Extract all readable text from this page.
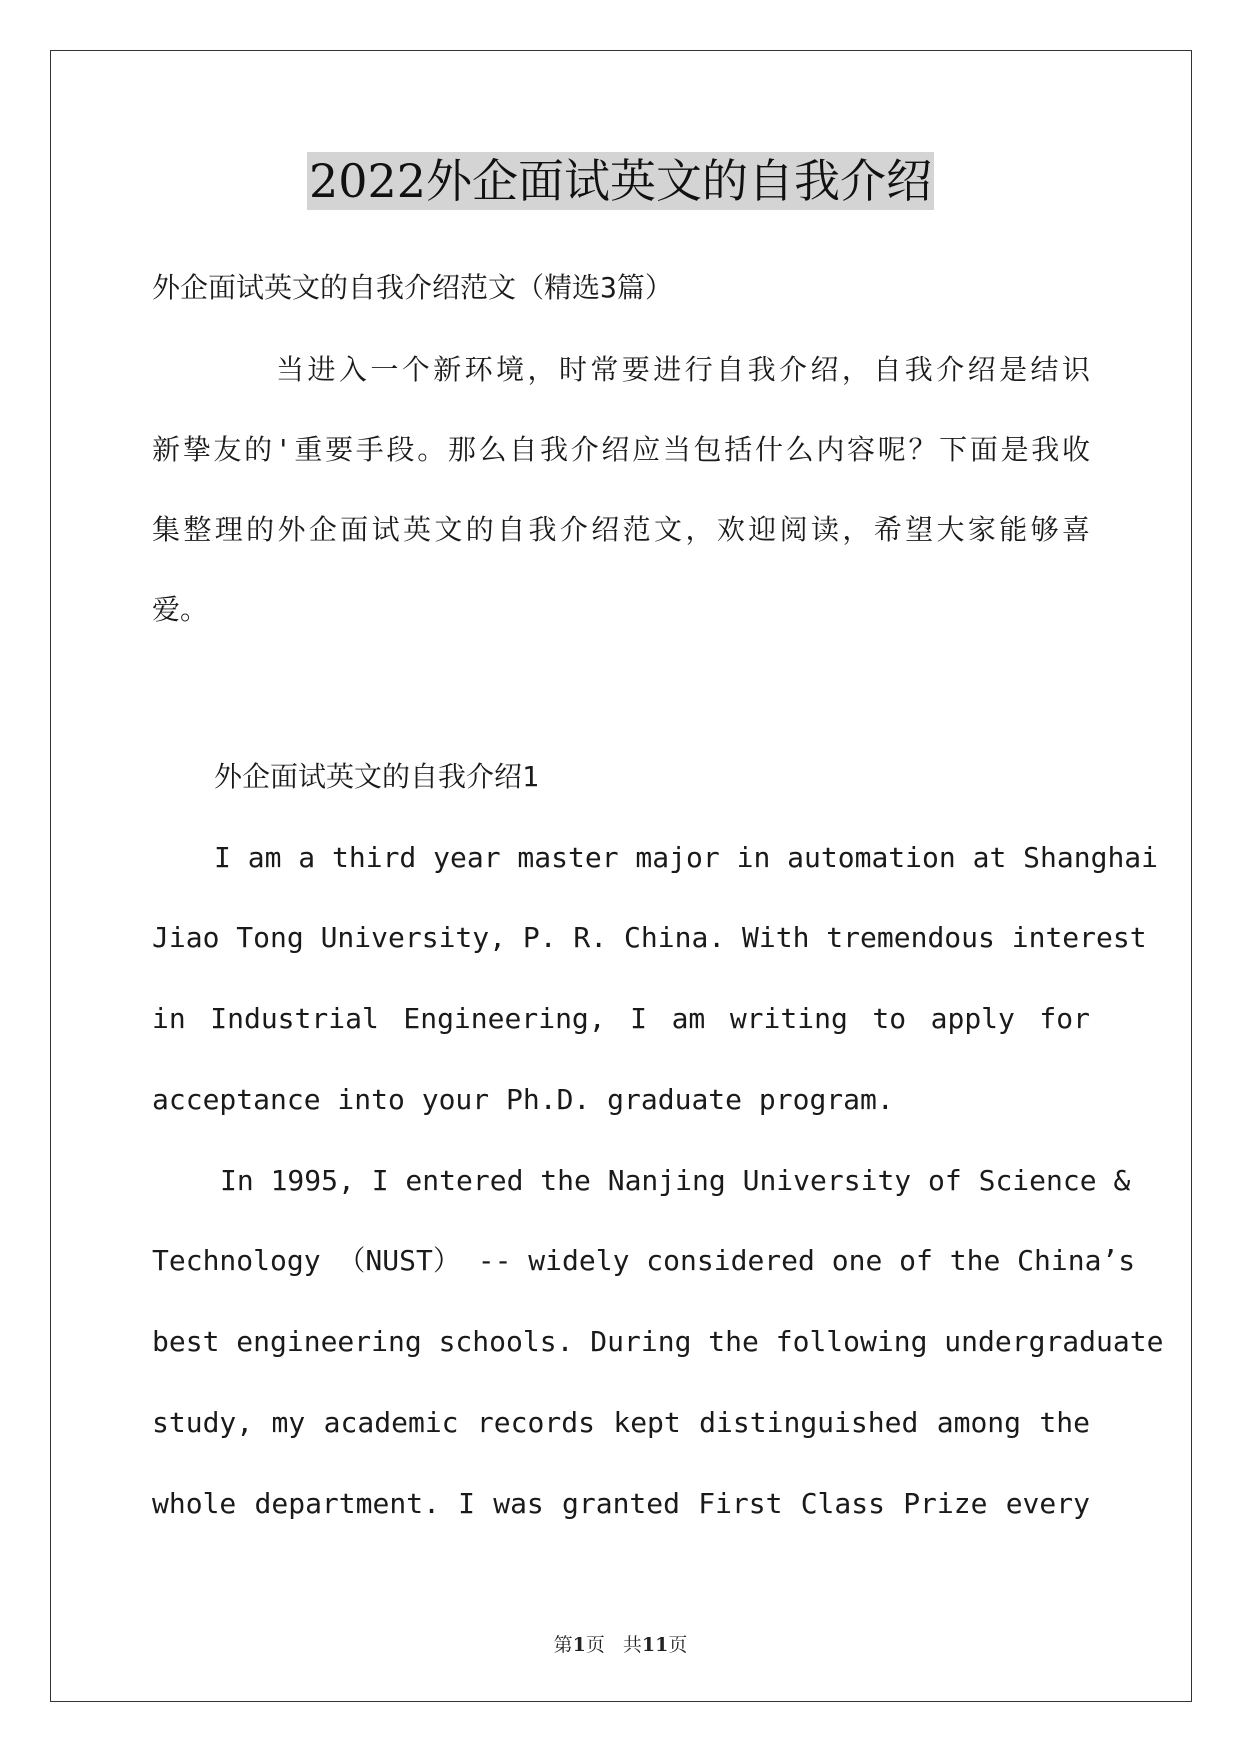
2022外企面试英文的自我介绍
外企面试英文的自我介绍范文（精选3篇）
当进入一个新环境，时常要进行自我介绍，自我介绍是结识
新挚友的'重要手段。那么自我介绍应当包括什么内容呢？下面是我收
集整理的外企面试英文的自我介绍范文，欢迎阅读，希望大家能够喜
爱。
外企面试英文的自我介绍1
I am a third year master major in automation at Shanghai
Jiao Tong University, P. R. China. With tremendous interest
in Industrial Engineering, I am writing to apply for
acceptance into your Ph.D. graduate program.
In 1995, I entered the Nanjing University of Science &
Technology （NUST） -- widely considered one of the China’s
best engineering schools. During the following undergraduate
study, my academic records kept distinguished among the
whole department. I was granted First Class Prize every
第1页 共11页
